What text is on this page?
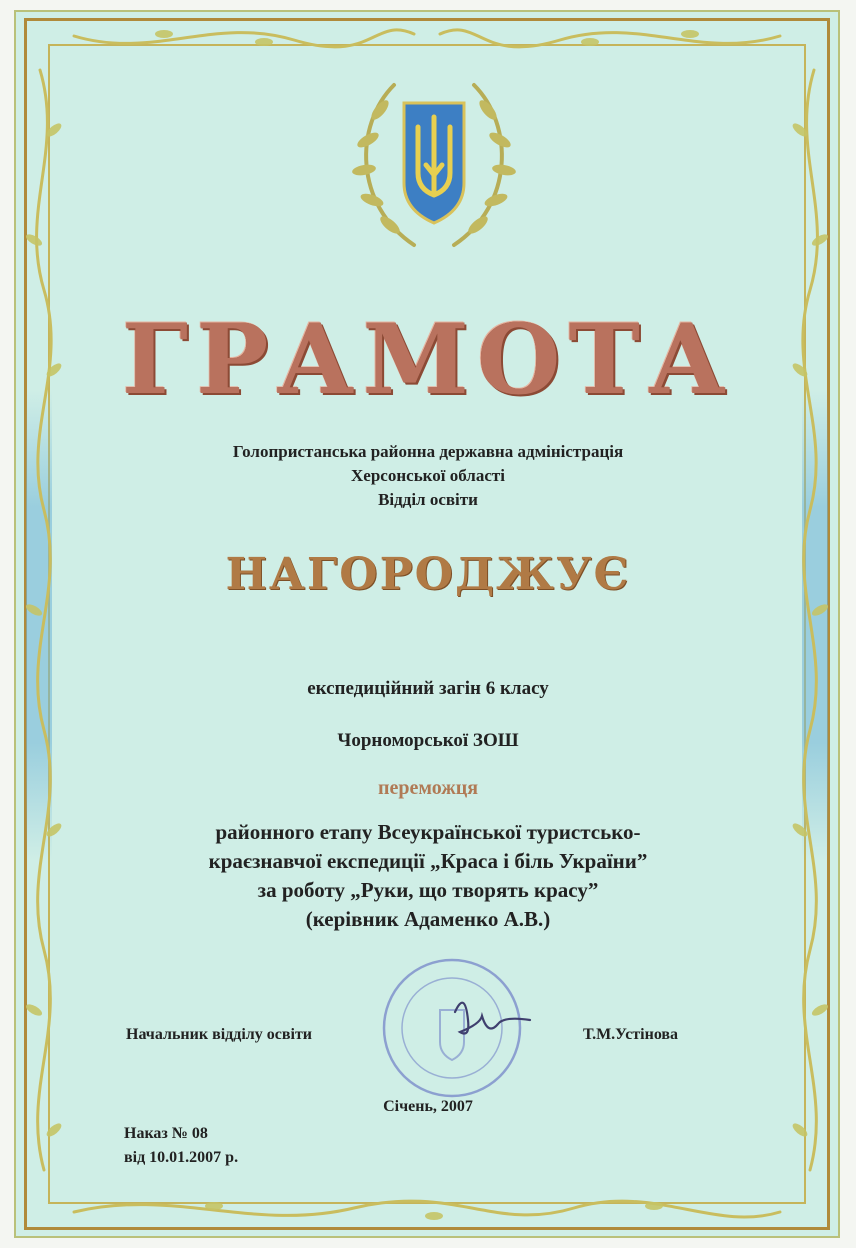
ГРАМОТА
Голопристанська районна державна адміністрація
Херсонської області
Відділ освіти
НАГОРОДЖУЄ
експедиційний загін 6 класу
Чорноморської ЗОШ
переможця
районного етапу Всеукраїнської туристсько-
краєзнавчої експедиції „Краса і біль України”
за роботу „Руки, що творять красу”
(керівник Адаменко А.В.)
Начальник відділу освіти	Т.М.Устінова
Січень, 2007
Наказ № 08
від 10.01.2007 р.
